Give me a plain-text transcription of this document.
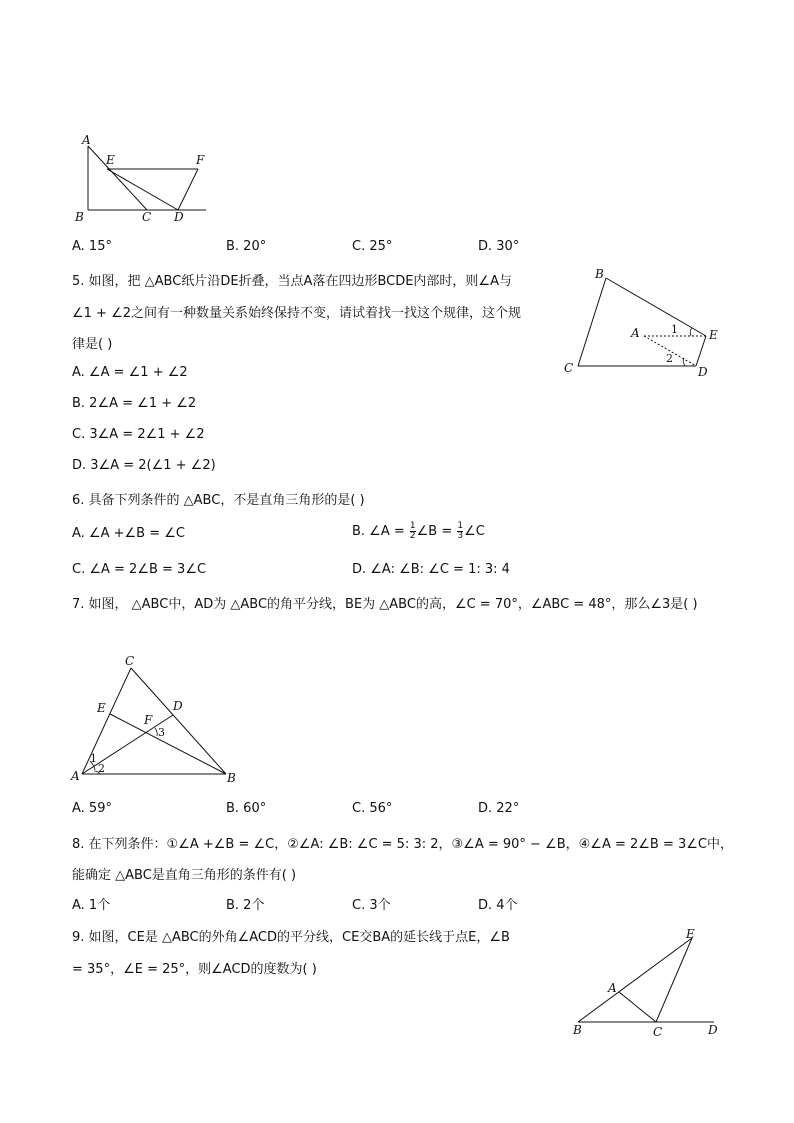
A
E	F
B	C D
A. 15°	B. 20°	C. 25°	D. 30°
5. 如图，把 △ABC纸片沿DE折叠，当点A落在四边形BCDE内部时，则∠A与
∠1 + ∠2之间有一种数量关系始终保持不变，请试着找一找这个规律，这个规
律是( )
A. ∠A = ∠1 + ∠2
B. 2∠A = ∠1 + ∠2
C. 3∠A = 2∠1 + ∠2
D. 3∠A = 2(∠1 + ∠2)
B
A	1	E
2
C	D
6. 具备下列条件的 △ABC，不是直角三角形的是( )
A. ∠A +∠B = ∠C	B. ∠A = $\frac{1}{2}$ ∠B = $\frac{1}{3}$ ∠C
C. ∠A = 2∠B = 3∠C	D. ∠A: ∠B: ∠C = 1: 3: 4
7. 如图， △ABC中，AD为 △ABC的角平分线，BE为 △ABC的高，∠C = 70°，∠ABC = 48°，那么∠3是( )
C
E	D
F
3
1
2
A	B
A. 59°	B. 60°	C. 56°	D. 22°
8. 在下列条件：①∠A +∠B = ∠C，②∠A: ∠B: ∠C = 5: 3: 2，③∠A = 90° − ∠B，④∠A = 2∠B = 3∠C中，
能确定 △ABC是直角三角形的条件有( )
A. 1个	B. 2个	C. 3个	D. 4个
9. 如图，CE是 △ABC的外角∠ACD的平分线，CE交BA的延长线于点E，∠B
= 35°，∠E = 25°，则∠ACD的度数为( )
E
A
B	C	D
